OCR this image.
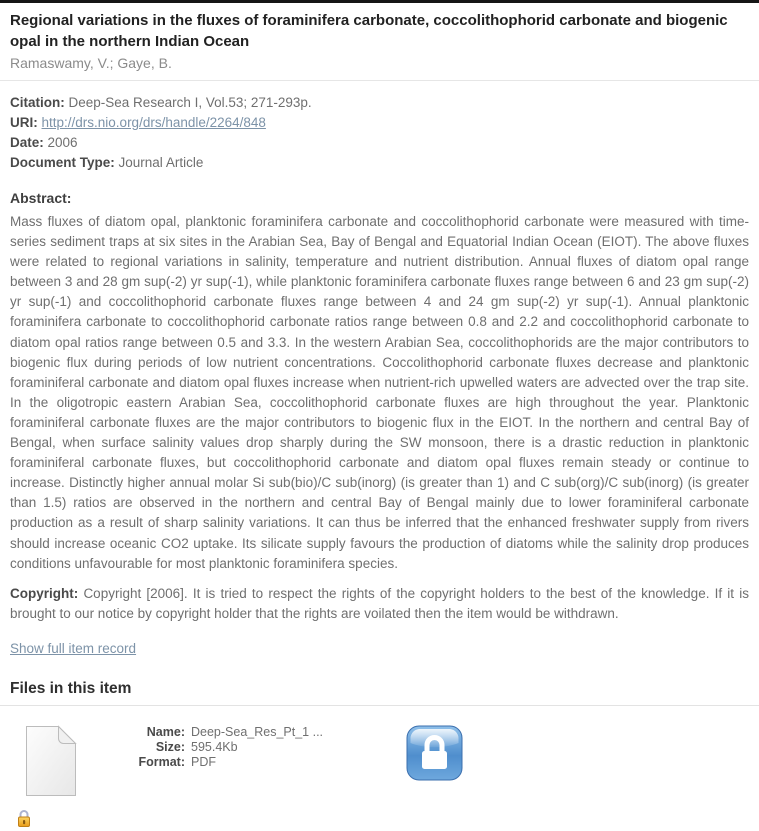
Regional variations in the fluxes of foraminifera carbonate, coccolithophorid carbonate and biogenic opal in the northern Indian Ocean

Ramaswamy, V.; Gaye, B.

Citation: Deep-Sea Research I, Vol.53; 271-293p.
URI: http://drs.nio.org/drs/handle/2264/848
Date: 2006
Document Type: Journal Article
Abstract:

Mass fluxes of diatom opal, planktonic foraminifera carbonate and coccolithophorid carbonate were measured with time-series sediment traps at six sites in the Arabian Sea, Bay of Bengal and Equatorial Indian Ocean (EIOT). The above fluxes were related to regional variations in salinity, temperature and nutrient distribution. Annual fluxes of diatom opal range between 3 and 28 gm sup(-2) yr sup(-1), while planktonic foraminifera carbonate fluxes range between 6 and 23 gm sup(-2) yr sup(-1) and coccolithophorid carbonate fluxes range between 4 and 24 gm sup(-2) yr sup(-1). Annual planktonic foraminifera carbonate to coccolithophorid carbonate ratios range between 0.8 and 2.2 and coccolithophorid carbonate to diatom opal ratios range between 0.5 and 3.3. In the western Arabian Sea, coccolithophorids are the major contributors to biogenic flux during periods of low nutrient concentrations. Coccolithophorid carbonate fluxes decrease and planktonic foraminiferal carbonate and diatom opal fluxes increase when nutrient-rich upwelled waters are advected over the trap site. In the oligotropic eastern Arabian Sea, coccolithophorid carbonate fluxes are high throughout the year. Planktonic foraminiferal carbonate fluxes are the major contributors to biogenic flux in the EIOT. In the northern and central Bay of Bengal, when surface salinity values drop sharply during the SW monsoon, there is a drastic reduction in planktonic foraminiferal carbonate fluxes, but coccolithophorid carbonate and diatom opal fluxes remain steady or continue to increase. Distinctly higher annual molar Si sub(bio)/C sub(inorg) (is greater than 1) and C sub(org)/C sub(inorg) (is greater than 1.5) ratios are observed in the northern and central Bay of Bengal mainly due to lower foraminiferal carbonate production as a result of sharp salinity variations. It can thus be inferred that the enhanced freshwater supply from rivers should increase oceanic CO2 uptake. Its silicate supply favours the production of diatoms while the salinity drop produces conditions unfavourable for most planktonic foraminifera species.

Copyright: Copyright [2006]. It is tried to respect the rights of the copyright holders to the best of the knowledge. If it is brought to our notice by copyright holder that the rights are voilated then the item would be withdrawn.

Show full item record
Files in this item
Name: Deep-Sea_Res_Pt_1 ...
Size: 595.4Kb
Format: PDF
